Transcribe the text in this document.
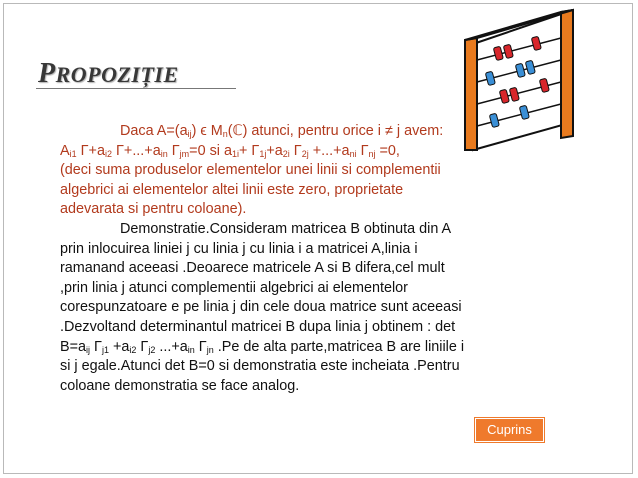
PROPOZIȚIE

Daca $A=(a_{ij})$ ϵ $M_n(ℂ)$ atunci, pentru orice i ≠ j avem:

$A_{i1}$ $\Gamma+a_{i2}$ $\Gamma+...+a_{in}$ $\Gamma_{jm}=0$ si $a_{1i}+ \Gamma_{1j}+a_{2i}$ $\Gamma_{2j} +...+a_{ni}$ $\Gamma_{nj} =0$,

(deci suma produselor elementelor unei linii si complementii

algebrici ai elementelor altei linii este zero, proprietate

adevarata si pentru coloane).

Demonstratie.Consideram matricea B obtinuta din A

prin inlocuirea liniei j cu linia j cu linia i a matricei A,linia i

ramanand aceeasi .Deoarece matricele A si B difera,cel mult

,prin linia j atunci complementii algebrici ai elementelor

corespunzatoare e pe linia j din cele doua matrice sunt aceeasi

.Dezvoltand determinantul matricei B dupa linia j obtinem : det

$B=a_{ij}$ $\Gamma_{j1} +a_{i2}$ $\Gamma_{j2}$ $...+a_{in}$ $\Gamma_{jn}$ .Pe de alta parte,matricea B are liniile i

si j egale.Atunci det B=0 si demonstratia este incheiata .Pentru

coloane demonstratia se face analog.

Cuprins
